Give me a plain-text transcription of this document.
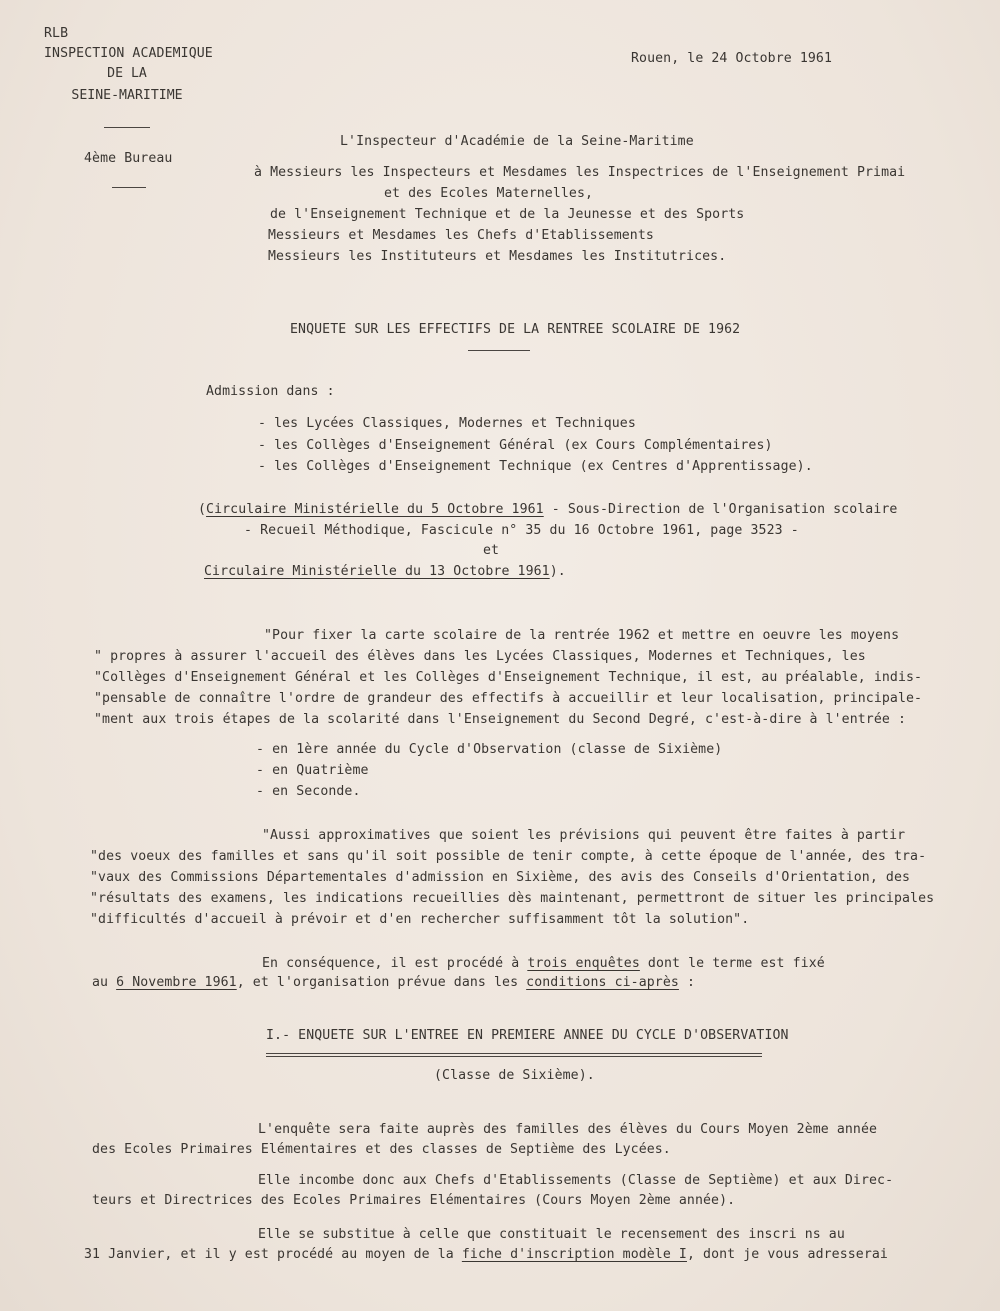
RLB
INSPECTION ACADEMIQUE
DE LA
SEINE-MARITIME
4ème Bureau
Rouen, le 24 Octobre 1961
L'Inspecteur d'Académie de la Seine-Maritime
à Messieurs les Inspecteurs et Mesdames les Inspectrices de l'Enseignement Primai
et des Ecoles Maternelles,
de l'Enseignement Technique et de la Jeunesse et des Sports
Messieurs et Mesdames les Chefs d'Etablissements
Messieurs les Instituteurs et Mesdames les Institutrices.
ENQUETE SUR LES EFFECTIFS DE LA RENTREE SCOLAIRE DE 1962
Admission dans :
- les Lycées Classiques, Modernes et Techniques
- les Collèges d'Enseignement Général (ex Cours Complémentaires)
- les Collèges d'Enseignement Technique (ex Centres d'Apprentissage).
(Circulaire Ministérielle du 5 Octobre 1961 - Sous-Direction de l'Organisation scolaire
- Recueil Méthodique, Fascicule n° 35 du 16 Octobre 1961, page 3523 -
et
Circulaire Ministérielle du 13 Octobre 1961).
"Pour fixer la carte scolaire de la rentrée 1962 et mettre en oeuvre les moyens
" propres à assurer l'accueil des élèves dans les Lycées Classiques, Modernes et Techniques, les
"Collèges d'Enseignement Général et les Collèges d'Enseignement Technique, il est, au préalable, indis-
"pensable de connaître l'ordre de grandeur des effectifs à accueillir et leur localisation, principale-
"ment aux trois étapes de la scolarité dans l'Enseignement du Second Degré, c'est-à-dire à l'entrée :
- en 1ère année du Cycle d'Observation (classe de Sixième)
- en Quatrième
- en Seconde.
"Aussi approximatives que soient les prévisions qui peuvent être faites à partir
"des voeux des familles et sans qu'il soit possible de tenir compte, à cette époque de l'année, des tra-
"vaux des Commissions Départementales d'admission en Sixième, des avis des Conseils d'Orientation, des
"résultats des examens, les indications recueillies dès maintenant, permettront de situer les principales
"difficultés d'accueil à prévoir et d'en rechercher suffisamment tôt la solution".
En conséquence, il est procédé à trois enquêtes dont le terme est fixé
au 6 Novembre 1961, et l'organisation prévue dans les conditions ci-après :
I.- ENQUETE SUR L'ENTREE EN PREMIERE ANNEE DU CYCLE D'OBSERVATION
(Classe de Sixième).
L'enquête sera faite auprès des familles des élèves du Cours Moyen 2ème année
des Ecoles Primaires Elémentaires et des classes de Septième des Lycées.
Elle incombe donc aux Chefs d'Etablissements (Classe de Septième) et aux Direc-
teurs et Directrices des Ecoles Primaires Elémentaires (Cours Moyen 2ème année).
Elle se substitue à celle que constituait le recensement des inscri ns au
31 Janvier, et il y est procédé au moyen de la fiche d'inscription modèle I, dont je vous adresserai
